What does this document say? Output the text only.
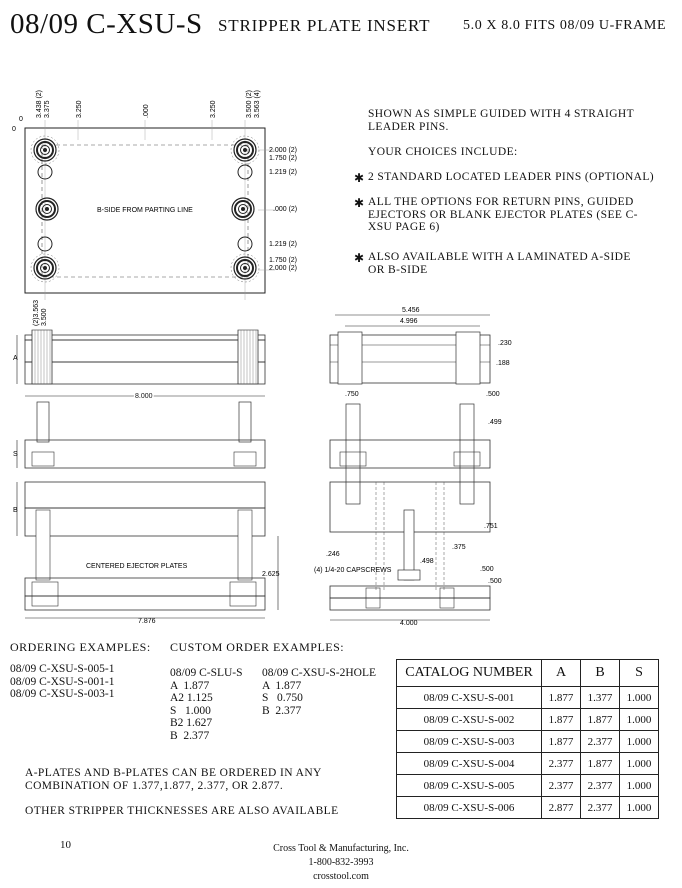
08/09 C-XSU-S STRIPPER PLATE INSERT 5.0 X 8.0 FITS 08/09 U-FRAME
SHOWN AS SIMPLE GUIDED WITH 4 STRAIGHT LEADER PINS.
YOUR CHOICES INCLUDE:
✱ 2 STANDARD LOCATED LEADER PINS (OPTIONAL)
✱ ALL THE OPTIONS FOR RETURN PINS, GUIDED EJECTORS OR BLANK EJECTOR PLATES (SEE C-XSU PAGE 6)
✱ ALSO AVAILABLE WITH A LAMINATED A-SIDE OR B-SIDE
B-SIDE FROM PARTING LINE
0
0
3.438 (2) 3.375	3.250	.000	3.250	3.500 (2) 3.563 (4)
2.000 (2)
1.750 (2)
1.219 (2)
.000 (2)
1.219 (2)
1.750 (2)
2.000 (2)
(2)3.563 3.500
A
8.000
S
B
CENTERED EJECTOR PLATES
2.625
7.876
5.456
4.996
.230
.188
.750	.500
.499
.751
.375
.246
.498
.500
.500
(4) 1/4-20 CAPSCREWS
4.000
ORDERING EXAMPLES:
08/09 C-XSU-S-005-1
08/09 C-XSU-S-001-1
08/09 C-XSU-S-003-1
CUSTOM ORDER EXAMPLES:
08/09 C-SLU-S
A  1.877
A2 1.125
S   1.000
B2 1.627
B  2.377
08/09 C-XSU-S-2HOLE
A  1.877
S   0.750
B  2.377
CATALOG NUMBER	A	B	S
08/09 C-XSU-S-001	1.877	1.377	1.000
08/09 C-XSU-S-002	1.877	1.877	1.000
08/09 C-XSU-S-003	1.877	2.377	1.000
08/09 C-XSU-S-004	2.377	1.877	1.000
08/09 C-XSU-S-005	2.377	2.377	1.000
08/09 C-XSU-S-006	2.877	2.377	1.000
A-PLATES AND B-PLATES CAN BE ORDERED IN ANY COMBINATION OF 1.377,1.877, 2.377, OR 2.877.
OTHER STRIPPER THICKNESSES ARE ALSO AVAILABLE
10	Cross Tool & Manufacturing, Inc.
1-800-832-3993
crosstool.com
